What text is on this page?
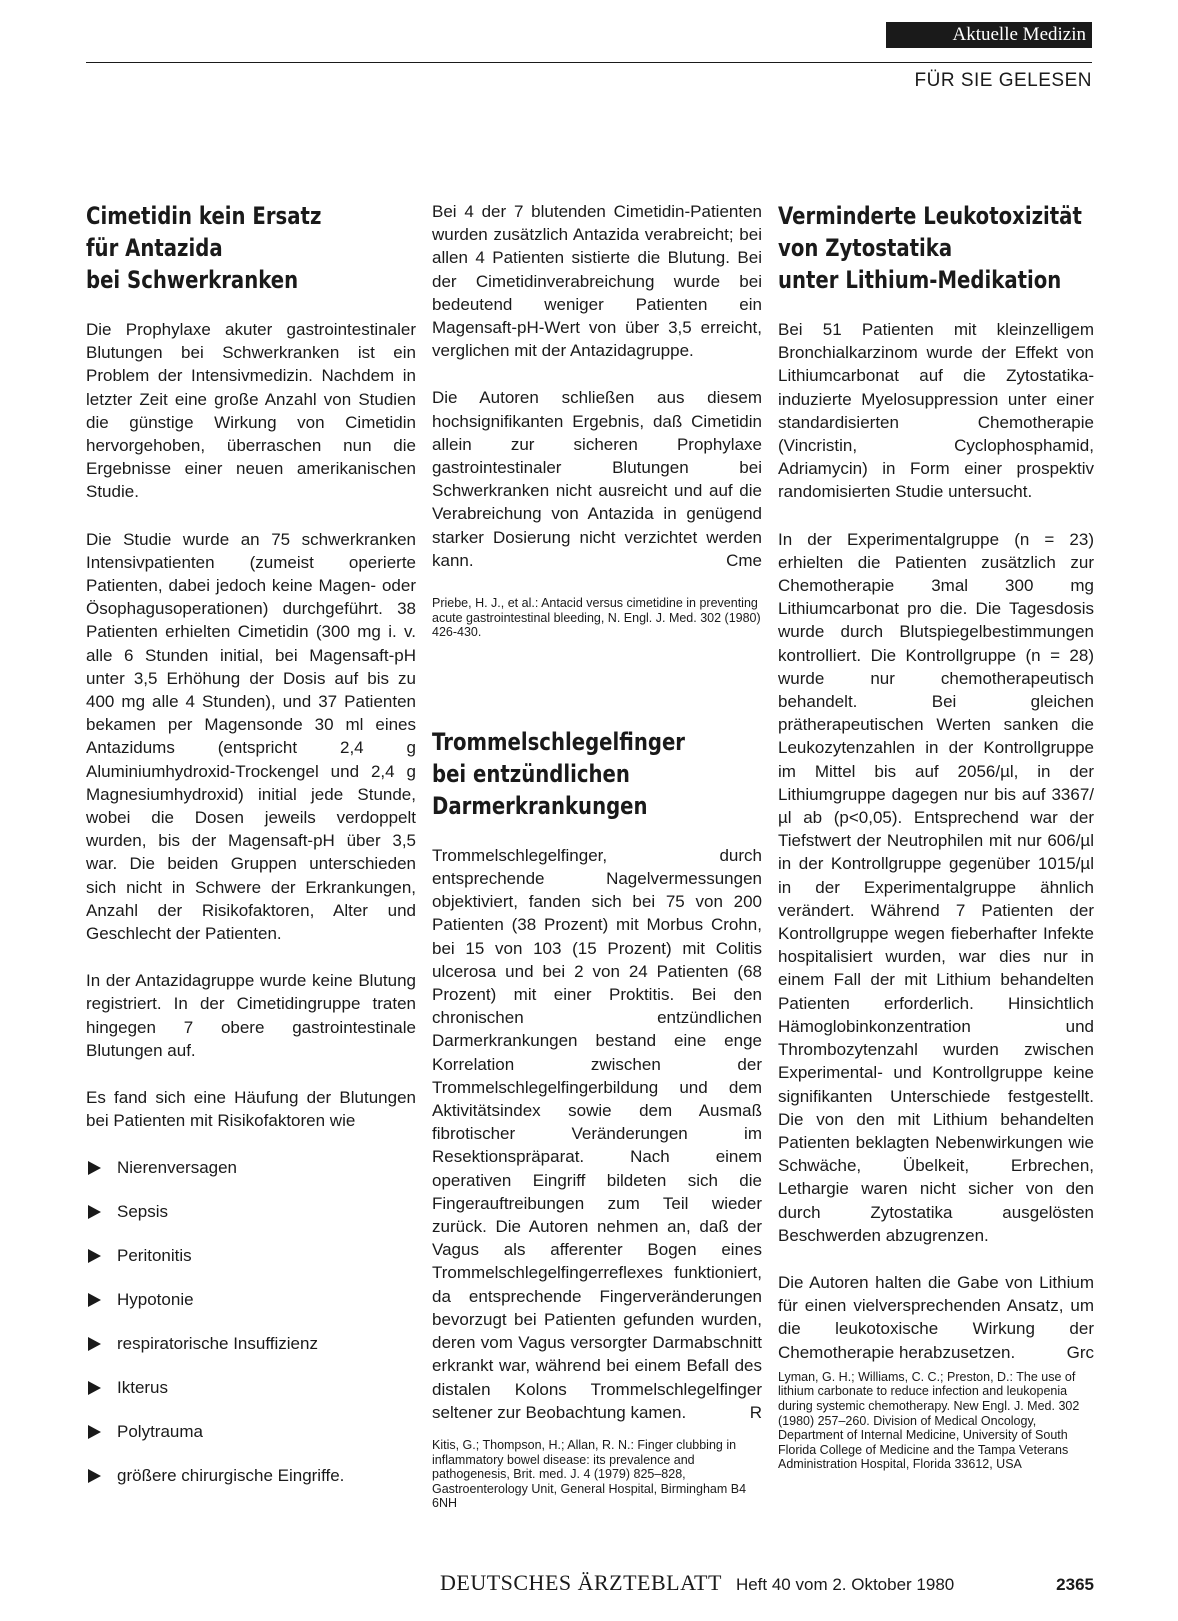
Aktuelle Medizin
FÜR SIE GELESEN
Cimetidin kein Ersatz
für Antazida
bei Schwerkranken

Die Prophylaxe akuter gastrointestinaler Blutungen bei Schwerkranken ist ein Problem der Intensivmedizin. Nachdem in letzter Zeit eine große Anzahl von Studien die günstige Wirkung von Cimetidin hervorgehoben, überraschen nun die Ergebnisse einer neuen amerikanischen Studie.

Die Studie wurde an 75 schwerkranken Intensivpatienten (zumeist operierte Patienten, dabei jedoch keine Magen- oder Ösophagusoperationen) durchgeführt. 38 Patienten erhielten Cimetidin (300 mg i. v. alle 6 Stunden initial, bei Magensaft-pH unter 3,5 Erhöhung der Dosis auf bis zu 400 mg alle 4 Stunden), und 37 Patienten bekamen per Magensonde 30 ml eines Antazidums (entspricht 2,4 g Aluminiumhydroxid-Trockengel und 2,4 g Magnesiumhydroxid) initial jede Stunde, wobei die Dosen jeweils verdoppelt wurden, bis der Magensaft-pH über 3,5 war. Die beiden Gruppen unterschieden sich nicht in Schwere der Erkrankungen, Anzahl der Risikofaktoren, Alter und Geschlecht der Patienten.

In der Antazidagruppe wurde keine Blutung registriert. In der Cimetidingruppe traten hingegen 7 obere gastrointestinale Blutungen auf.

Es fand sich eine Häufung der Blutungen bei Patienten mit Risikofaktoren wie

Nierenversagen
Sepsis
Peritonitis
Hypotonie
respiratorische Insuffizienz
Ikterus
Polytrauma
größere chirurgische Eingriffe.

Bei 4 der 7 blutenden Cimetidin-Patienten wurden zusätzlich Antazida verabreicht; bei allen 4 Patienten sistierte die Blutung. Bei der Cimetidinverabreichung wurde bei bedeutend weniger Patienten ein Magensaft-pH-Wert von über 3,5 erreicht, verglichen mit der Antazidagruppe.

Die Autoren schließen aus diesem hochsignifikanten Ergebnis, daß Cimetidin allein zur sicheren Prophylaxe gastrointestinaler Blutungen bei Schwerkranken nicht ausreicht und auf die Verabreichung von Antazida in genügend starker Dosierung nicht verzichtet werden kann.	Cme

Priebe, H. J., et al.: Antacid versus cimetidine in preventing acute gastrointestinal bleeding, N. Engl. J. Med. 302 (1980) 426-430.

Trommelschlegelfinger
bei entzündlichen
Darmerkrankungen

Trommelschlegelfinger, durch entsprechende Nagelvermessungen objektiviert, fanden sich bei 75 von 200 Patienten (38 Prozent) mit Morbus Crohn, bei 15 von 103 (15 Prozent) mit Colitis ulcerosa und bei 2 von 24 Patienten (68 Prozent) mit einer Proktitis. Bei den chronischen entzündlichen Darmerkrankungen bestand eine enge Korrelation zwischen der Trommelschlegelfingerbildung und dem Aktivitätsindex sowie dem Ausmaß fibrotischer Veränderungen im Resektionspräparat. Nach einem operativen Eingriff bildeten sich die Fingerauftreibungen zum Teil wieder zurück. Die Autoren nehmen an, daß der Vagus als afferenter Bogen eines Trommelschlegelfingerreflexes funktioniert, da entsprechende Fingerveränderungen bevorzugt bei Patienten gefunden wurden, deren vom Vagus versorgter Darmabschnitt erkrankt war, während bei einem Befall des distalen Kolons Trommelschlegelfinger seltener zur Beobachtung kamen.	R

Kitis, G.; Thompson, H.; Allan, R. N.: Finger clubbing in inflammatory bowel disease: its prevalence and pathogenesis, Brit. med. J. 4 (1979) 825–828, Gastroenterology Unit, General Hospital, Birmingham B4 6NH

Verminderte Leukotoxizität
von Zytostatika
unter Lithium-Medikation

Bei 51 Patienten mit kleinzelligem Bronchialkarzinom wurde der Effekt von Lithiumcarbonat auf die Zytostatika-induzierte Myelosuppression unter einer standardisierten Chemotherapie (Vincristin, Cyclophosphamid, Adriamycin) in Form einer prospektiv randomisierten Studie untersucht.

In der Experimentalgruppe (n = 23) erhielten die Patienten zusätzlich zur Chemotherapie 3mal 300 mg Lithiumcarbonat pro die. Die Tagesdosis wurde durch Blutspiegelbestimmungen kontrolliert. Die Kontrollgruppe (n = 28) wurde nur chemotherapeutisch behandelt. Bei gleichen prätherapeutischen Werten sanken die Leukozytenzahlen in der Kontrollgruppe im Mittel bis auf 2056/µl, in der Lithiumgruppe dagegen nur bis auf 3367/µl ab (p<0,05). Entsprechend war der Tiefstwert der Neutrophilen mit nur 606/µl in der Kontrollgruppe gegenüber 1015/µl in der Experimentalgruppe ähnlich verändert. Während 7 Patienten der Kontrollgruppe wegen fieberhafter Infekte hospitalisiert wurden, war dies nur in einem Fall der mit Lithium behandelten Patienten erforderlich. Hinsichtlich Hämoglobinkonzentration und Thrombozytenzahl wurden zwischen Experimental- und Kontrollgruppe keine signifikanten Unterschiede festgestellt. Die von den mit Lithium behandelten Patienten beklagten Nebenwirkungen wie Schwäche, Übelkeit, Erbrechen, Lethargie waren nicht sicher von den durch Zytostatika ausgelösten Beschwerden abzugrenzen.

Die Autoren halten die Gabe von Lithium für einen vielversprechenden Ansatz, um die leukotoxische Wirkung der Chemotherapie herabzusetzen.	Grc

Lyman, G. H.; Williams, C. C.; Preston, D.: The use of lithium carbonate to reduce infection and leukopenia during systemic chemotherapy. New Engl. J. Med. 302 (1980) 257–260. Division of Medical Oncology, Department of Internal Medicine, University of South Florida College of Medicine and the Tampa Veterans Administration Hospital, Florida 33612, USA

DEUTSCHES ÄRZTEBLATT Heft 40 vom 2. Oktober 1980	2365
